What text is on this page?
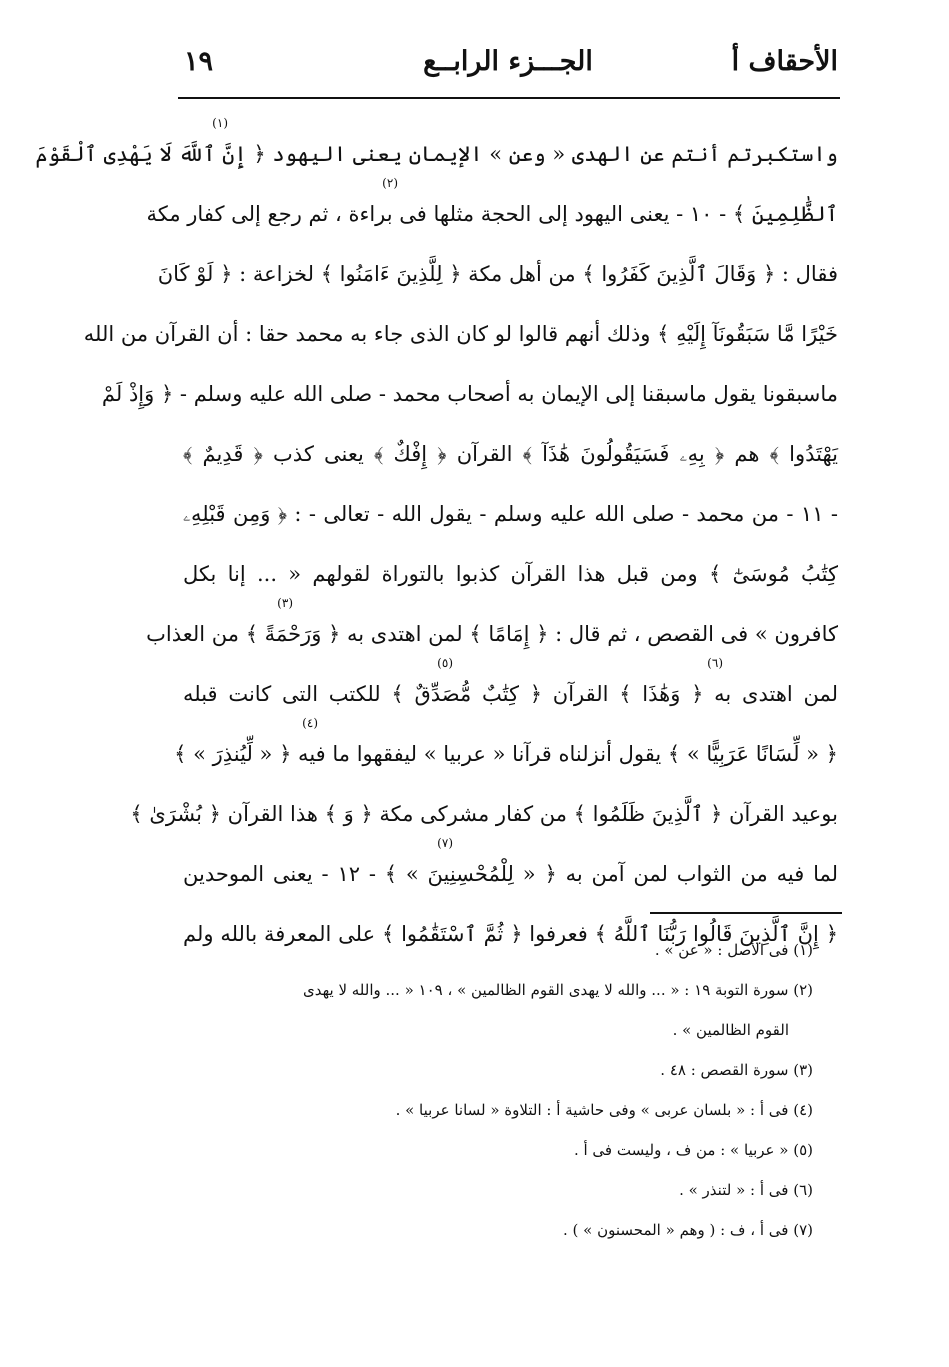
الأحقاف أ
الجـــزء الرابــع
١٩
واستكبرتم أنتم عن الهدى « وعن » الإيمان يعنى اليهود ﴿ إِنَّ ٱللَّهَ لَا يَهْدِى ٱلْقَوْمَ
(١)
ٱلظَّٰلِمِينَ ﴾ - ١٠ - يعنى اليهود إلى الحجة مثلها فى براءة ، ثم رجع إلى كفار مكة
(٢)
فقال : ﴿ وَقَالَ ٱلَّذِينَ كَفَرُوا ﴾ من أهل مكة ﴿ لِلَّذِينَ ءَامَنُوا ﴾ لخزاعة : ﴿ لَوْ كَانَ
خَيْرًا مَّا سَبَقُونَآ إِلَيْهِ ﴾ وذلك أنهم قالوا لو كان الذى جاء به محمد حقا : أن القرآن من الله
ماسبقونا يقول ماسبقنا إلى الإيمان به أصحاب محمد - صلى الله عليه وسلم - ﴿ وَإِذْ لَمْ
يَهْتَدُوا ﴾ هم ﴿ بِهِۦ فَسَيَقُولُونَ هَٰذَآ ﴾ القرآن ﴿ إِفْكٌ ﴾ يعنى كذب ﴿ قَدِيمٌ ﴾
- ١١ - من محمد - صلى الله عليه وسلم - يقول الله - تعالى - : ﴿ وَمِن قَبْلِهِۦ
كِتَٰبُ مُوسَىٰٓ ﴾ ومن قبل هذا القرآن كذبوا بالتوراة لقولهم « ... إنا بكل
كافرون » فى القصص ، ثم قال : ﴿ إِمَامًا ﴾ لمن اهتدى به ﴿ وَرَحْمَةً ﴾ من العذاب
(٣)
لمن اهتدى به ﴿ وَهَٰذَا ﴾ القرآن ﴿ كِتَٰبٌ مُّصَدِّقٌ ﴾ للكتب التى كانت قبله
(٥)	(٦)
﴿ « لِّسَانًا عَرَبِيًّا » ﴾ يقول أنزلناه قرآنا « عربيا » ليفقهوا ما فيه ﴿ « لِّيُنذِرَ » ﴾
(٤)
بوعيد القرآن ﴿ ٱلَّذِينَ ظَلَمُوا ﴾ من كفار مشركى مكة ﴿ وَ ﴾ هذا القرآن ﴿ بُشْرَىٰ ﴾
لما فيه من الثواب لمن آمن به ﴿ « لِلْمُحْسِنِينَ » ﴾ - ١٢ - يعنى الموحدين
(٧)
﴿ إِنَّ ٱلَّذِينَ قَالُوا رَبُّنَا ٱللَّهُ ﴾ فعرفوا ﴿ ثُمَّ ٱسْتَقَٰمُوا ﴾ على المعرفة بالله ولم
(١) فى الأصل : « عن » .
(٢) سورة التوبة ١٩ : « ... والله لا يهدى القوم الظالمين » ، ١٠٩ « ... والله لا يهدى
القوم الظالمين » .
(٣) سورة القصص : ٤٨ .
(٤) فى أ : « بلسان عربى » وفى حاشية أ : التلاوة « لسانا عربيا » .
(٥) « عربيا » : من ف ، وليست فى أ .
(٦) فى أ : « لتنذر » .
(٧) فى أ ، ف : ( وهم « المحسنون » ) .
